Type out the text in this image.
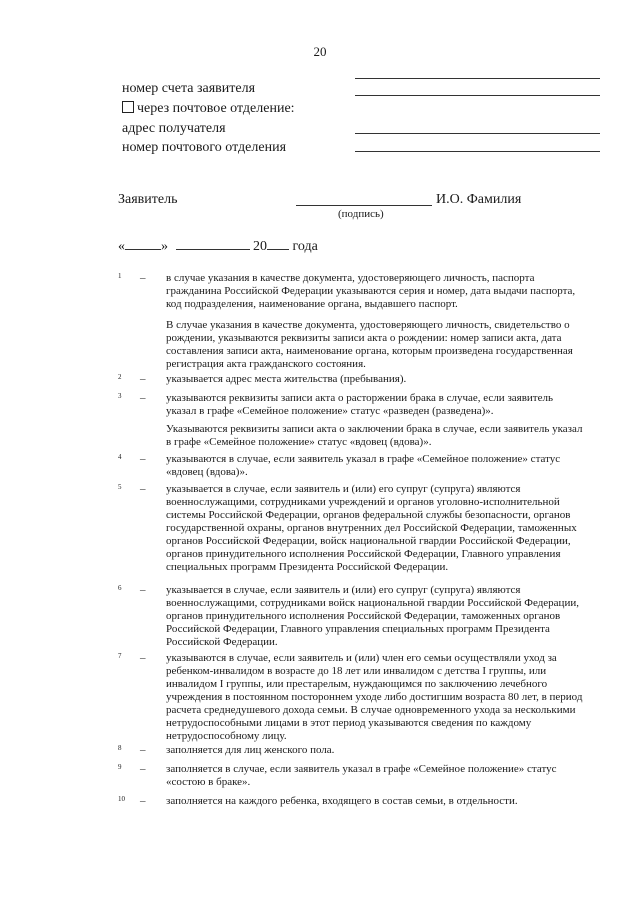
20
номер счета заявителя
через почтовое отделение:
адрес получателя
номер почтового отделения
Заявитель	И.О. Фамилия
(подпись)
«	»	20 года
1 – в случае указания в качестве документа, удостоверяющего личность, паспорта гражданина Российской Федерации указываются серия и номер, дата выдачи паспорта, код подразделения, наименование органа, выдавшего паспорт.
В случае указания в качестве документа, удостоверяющего личность, свидетельство о рождении, указываются реквизиты записи акта о рождении: номер записи акта, дата составления записи акта, наименование органа, которым произведена государственная регистрация акта гражданского состояния.
2 – указывается адрес места жительства (пребывания).
3 – указываются реквизиты записи акта о расторжении брака в случае, если заявитель указал в графе «Семейное положение» статус «разведен (разведена)».
Указываются реквизиты записи акта о заключении брака в случае, если заявитель указал в графе «Семейное положение» статус «вдовец (вдова)».
4 – указываются в случае, если заявитель указал в графе «Семейное положение» статус «вдовец (вдова)».
5 – указывается в случае, если заявитель и (или) его супруг (супруга) являются военнослужащими, сотрудниками учреждений и органов уголовно-исполнительной системы Российской Федерации, органов федеральной службы безопасности, органов государственной охраны, органов внутренних дел Российской Федерации, таможенных органов Российской Федерации, войск национальной гвардии Российской Федерации, органов принудительного исполнения Российской Федерации, Главного управления специальных программ Президента Российской Федерации.
6 – указывается в случае, если заявитель и (или) его супруг (супруга) являются военнослужащими, сотрудниками войск национальной гвардии Российской Федерации, органов принудительного исполнения Российской Федерации, таможенных органов Российской Федерации, Главного управления специальных программ Президента Российской Федерации.
7 – указываются в случае, если заявитель и (или) член его семьи осуществляли уход за ребенком-инвалидом в возрасте до 18 лет или инвалидом с детства I группы, или инвалидом I группы, или престарелым, нуждающимся по заключению лечебного учреждения в постоянном постороннем уходе либо достигшим возраста 80 лет, в период расчета среднедушевого дохода семьи. В случае одновременного ухода за несколькими нетрудоспособными лицами в этот период указываются сведения по каждому нетрудоспособному лицу.
8 – заполняется для лиц женского пола.
9 – заполняется в случае, если заявитель указал в графе «Семейное положение» статус «состою в браке».
10 – заполняется на каждого ребенка, входящего в состав семьи, в отдельности.
